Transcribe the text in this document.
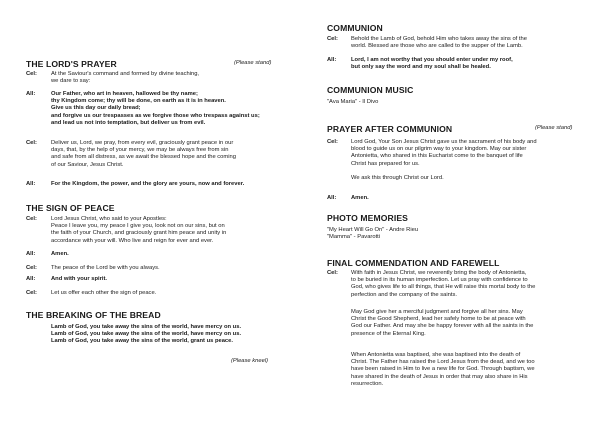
THE LORD'S PRAYER	(Please stand)
Cel: At the Saviour's command and formed by divine teaching,
we dare to say:
All:	Our Father, who art in heaven, hallowed be thy name;
thy Kingdom come; thy will be done, on earth as it is in heaven.
Give us this day our daily bread;
and forgive us our trespasses as we forgive those who trespass against us;
and lead us not into temptation, but deliver us from evil.
Cel: Deliver us, Lord, we pray, from every evil, graciously grant peace in our
days, that, by the help of your mercy, we may be always free from sin
and safe from all distress, as we await the blessed hope and the coming
of our Saviour, Jesus Christ.
All:	For the Kingdom, the power, and the glory are yours, now and forever.
THE SIGN OF PEACE
Cel: Lord Jesus Christ, who said to your Apostles:
Peace I leave you, my peace I give you, look not on our sins, but on
the faith of your Church, and graciously grant him peace and unity in
accordance with your will. Who live and reign for ever and ever.
All:	Amen.
Cel: The peace of the Lord be with you always.
All:	And with your spirit.
Cel: Let us offer each other the sign of peace.
THE BREAKING OF THE BREAD
Lamb of God, you take away the sins of the world, have mercy on us.
Lamb of God, you take away the sins of the world, have mercy on us.
Lamb of God, you take away the sins of the world, grant us peace.
(Please kneel)
COMMUNION
Cel: Behold the Lamb of God, behold Him who takes away the sins of the
world. Blessed are those who are called to the supper of the Lamb.
All:	Lord, I am not worthy that you should enter under my roof,
but only say the word and my soul shall be healed.
COMMUNION MUSIC
"Ava Maria" - Il Divo
PRAYER AFTER COMMUNION	(Please stand)
Cel: Lord God, Your Son Jesus Christ gave us the sacrament of his body and
blood to guide us on our pilgrim way to your kingdom. May our sister
Antonietta, who shared in this Eucharist come to the banquet of life
Christ has prepared for us.

We ask this through Christ our Lord.
All:	Amen.
PHOTO MEMORIES
"My Heart Will Go On" - Andre Rieu
"Mamma" - Pavarotti
FINAL COMMENDATION AND FAREWELL
Cel: With faith in Jesus Christ, we reverently bring the body of Antonietta,
to be buried in its human imperfection. Let us pray with confidence to
God, who gives life to all things, that He will raise this mortal body to the
perfection and the company of the saints.
May God give her a merciful judgment and forgive all her sins. May
Christ the Good Shepherd, lead her safely home to be at peace with
God our Father. And may she be happy forever with all the saints in the
presence of the Eternal King.
When Antonietta was baptised, she was baptised into the death of
Christ. The Father has raised the Lord Jesus from the dead, and we too
have been raised in Him to live a new life for God. Through baptism, we
have shared in the death of Jesus in order that may also share in His
resurrection.
